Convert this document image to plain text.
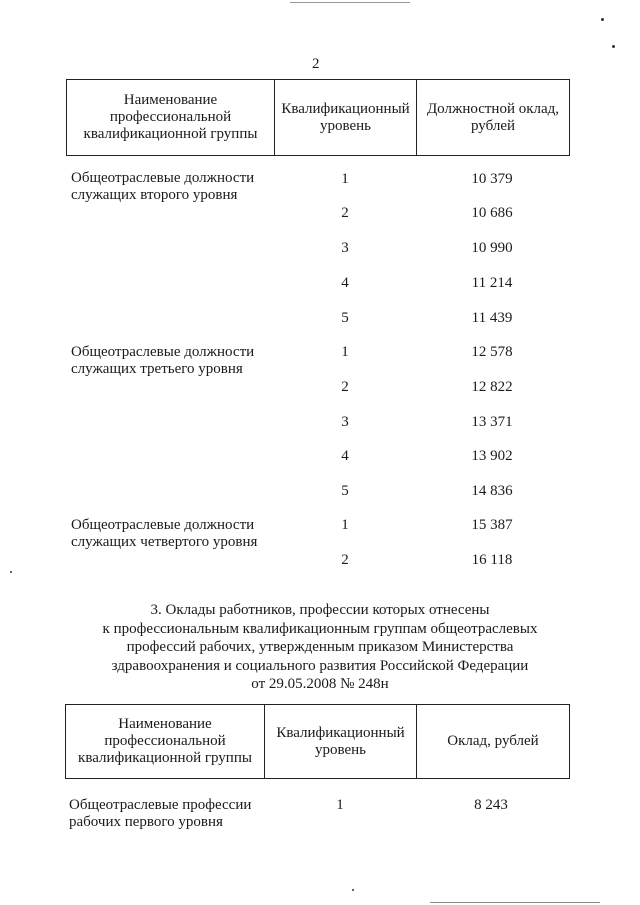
2
Наименование профессиональной квалификационной группы	Квалификационный уровень	Должностной оклад, рублей
Общеотраслевые должности служащих второго уровня
1	10 379
2	10 686
3	10 990
4	11 214
5	11 439
Общеотраслевые должности служащих третьего уровня
1	12 578
2	12 822
3	13 371
4	13 902
5	14 836
Общеотраслевые должности служащих четвертого уровня
1	15 387
2	16 118
3. Оклады работников, профессии которых отнесены
к профессиональным квалификационным группам общеотраслевых
профессий рабочих, утвержденным приказом Министерства
здравоохранения и социального развития Российской Федерации
от 29.05.2008 № 248н
Наименование профессиональной квалификационной группы	Квалификационный уровень	Оклад, рублей
Общеотраслевые профессии рабочих первого уровня
1	8 243
